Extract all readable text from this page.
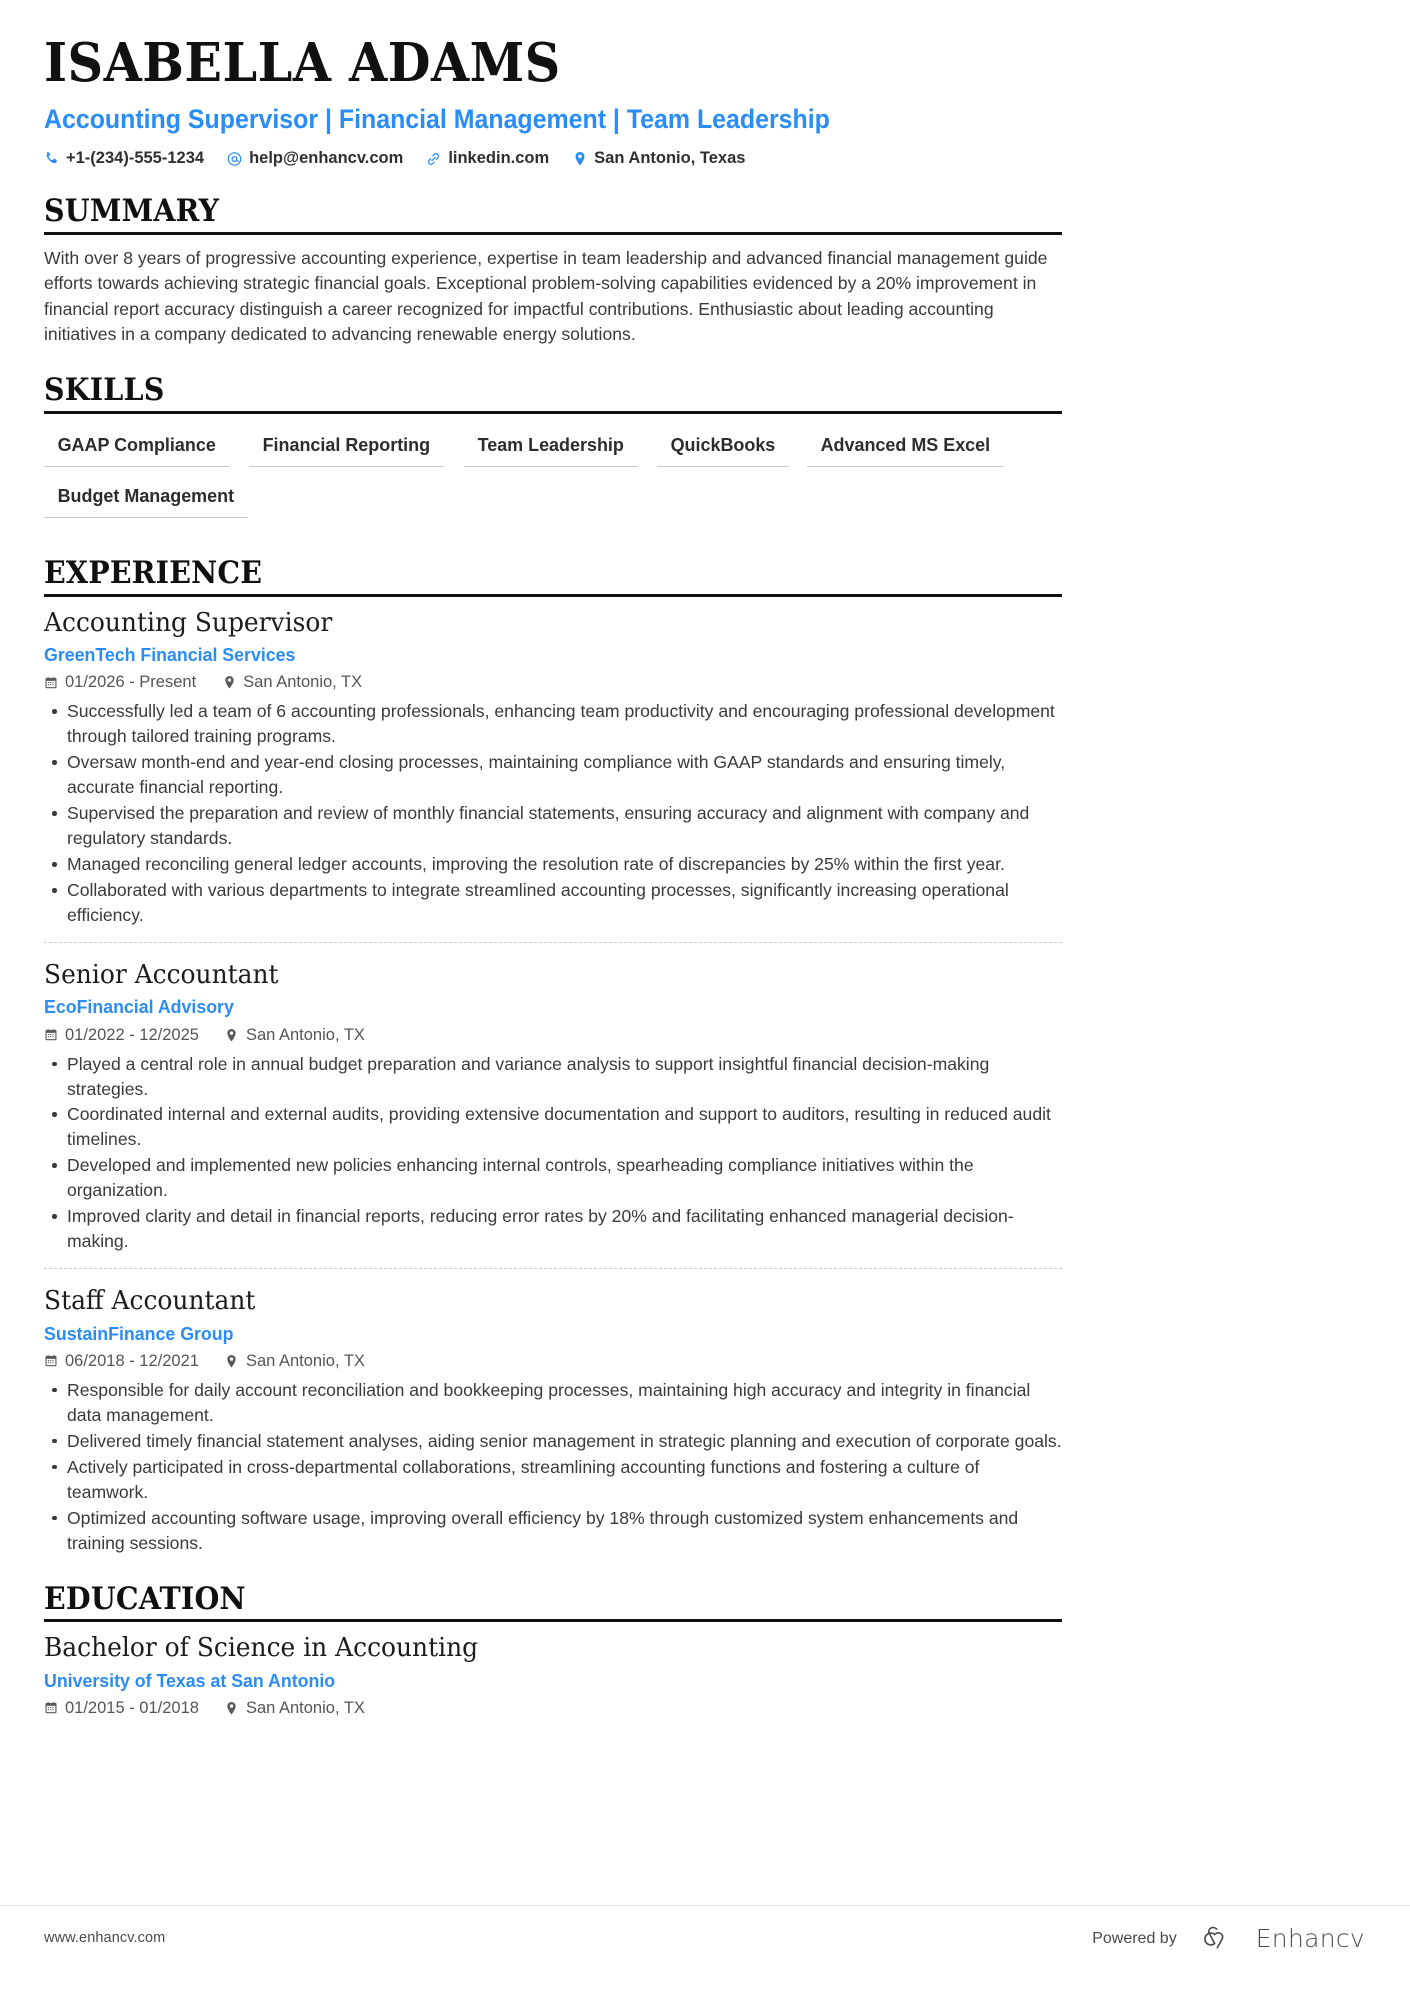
ISABELLA ADAMS
Accounting Supervisor | Financial Management | Team Leadership
+1-(234)-555-1234	help@enhancv.com	linkedin.com	San Antonio, Texas
SUMMARY

With over 8 years of progressive accounting experience, expertise in team leadership and advanced financial management guide efforts towards achieving strategic financial goals. Exceptional problem-solving capabilities evidenced by a 20% improvement in financial report accuracy distinguish a career recognized for impactful contributions. Enthusiastic about leading accounting initiatives in a company dedicated to advancing renewable energy solutions.

SKILLS
GAAP Compliance	Financial Reporting	Team Leadership	QuickBooks	Advanced MS Excel
Budget Management
EXPERIENCE
Accounting Supervisor
GreenTech Financial Services
01/2026 - Present	San Antonio, TX
Successfully led a team of 6 accounting professionals, enhancing team productivity and encouraging professional development through tailored training programs.
Oversaw month-end and year-end closing processes, maintaining compliance with GAAP standards and ensuring timely, accurate financial reporting.
Supervised the preparation and review of monthly financial statements, ensuring accuracy and alignment with company and regulatory standards.
Managed reconciling general ledger accounts, improving the resolution rate of discrepancies by 25% within the first year.
Collaborated with various departments to integrate streamlined accounting processes, significantly increasing operational efficiency.
Senior Accountant
EcoFinancial Advisory
01/2022 - 12/2025	San Antonio, TX
Played a central role in annual budget preparation and variance analysis to support insightful financial decision-making strategies.
Coordinated internal and external audits, providing extensive documentation and support to auditors, resulting in reduced audit timelines.
Developed and implemented new policies enhancing internal controls, spearheading compliance initiatives within the organization.
Improved clarity and detail in financial reports, reducing error rates by 20% and facilitating enhanced managerial decision-making.
Staff Accountant
SustainFinance Group
06/2018 - 12/2021	San Antonio, TX
Responsible for daily account reconciliation and bookkeeping processes, maintaining high accuracy and integrity in financial data management.
Delivered timely financial statement analyses, aiding senior management in strategic planning and execution of corporate goals.
Actively participated in cross-departmental collaborations, streamlining accounting functions and fostering a culture of teamwork.
Optimized accounting software usage, improving overall efficiency by 18% through customized system enhancements and training sessions.
EDUCATION
Bachelor of Science in Accounting
University of Texas at San Antonio
01/2015 - 01/2018	San Antonio, TX
www.enhancv.com	Powered by	Enhancv
